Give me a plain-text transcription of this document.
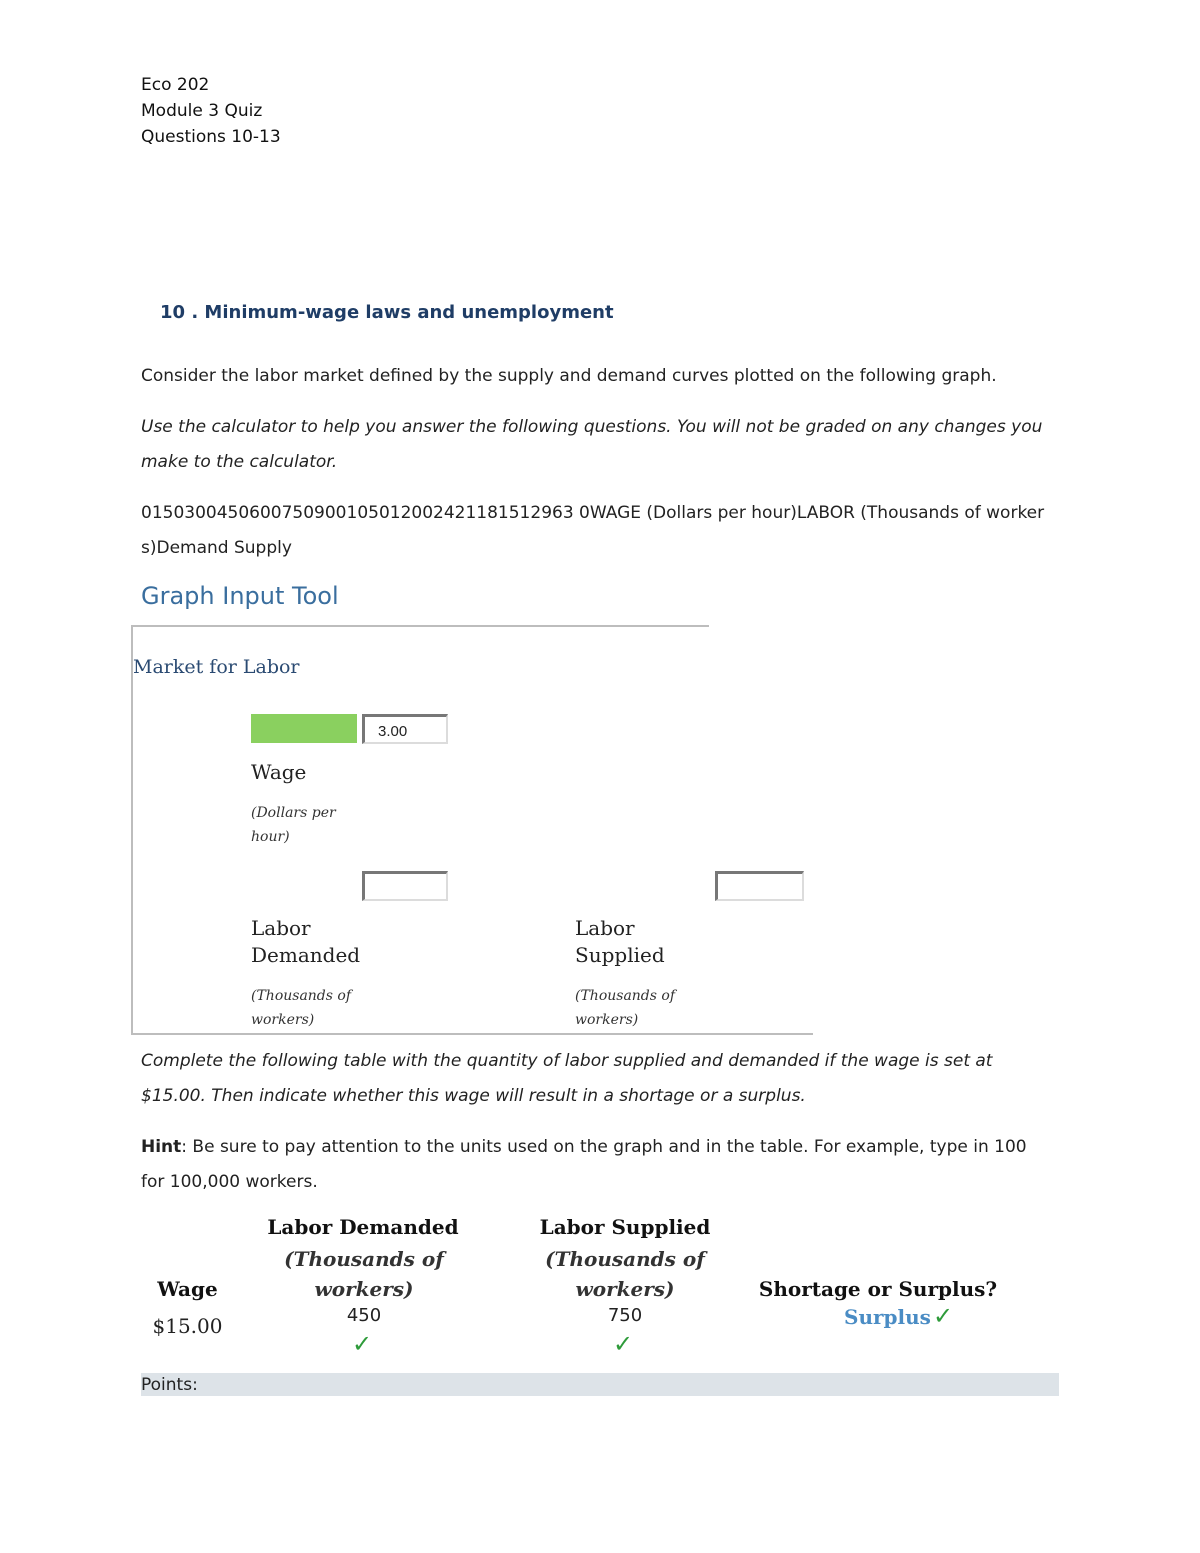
Eco 202
Module 3 Quiz
Questions 10-13
10 . Minimum-wage laws and unemployment
Consider the labor market defined by the supply and demand curves plotted on the following graph.
Use the calculator to help you answer the following questions. You will not be graded on any changes you make to the calculator.
0150300450600750900105012002421181512963 0WAGE (Dollars per hour)LABOR (Thousands of workers)Demand Supply
Graph Input Tool
Market for Labor
3.00
Wage
(Dollars per hour)
Labor Demanded
(Thousands of workers)
Labor Supplied
(Thousands of workers)
Complete the following table with the quantity of labor supplied and demanded if the wage is set at $15.00. Then indicate whether this wage will result in a shortage or a surplus.
Hint: Be sure to pay attention to the units used on the graph and in the table. For example, type in 100 for 100,000 workers.
Wage
Labor Demanded
(Thousands of workers)
Labor Supplied
(Thousands of workers)	Shortage or Surplus?
$15.00	450
✓
750
✓
Surplus ✓
Points:
